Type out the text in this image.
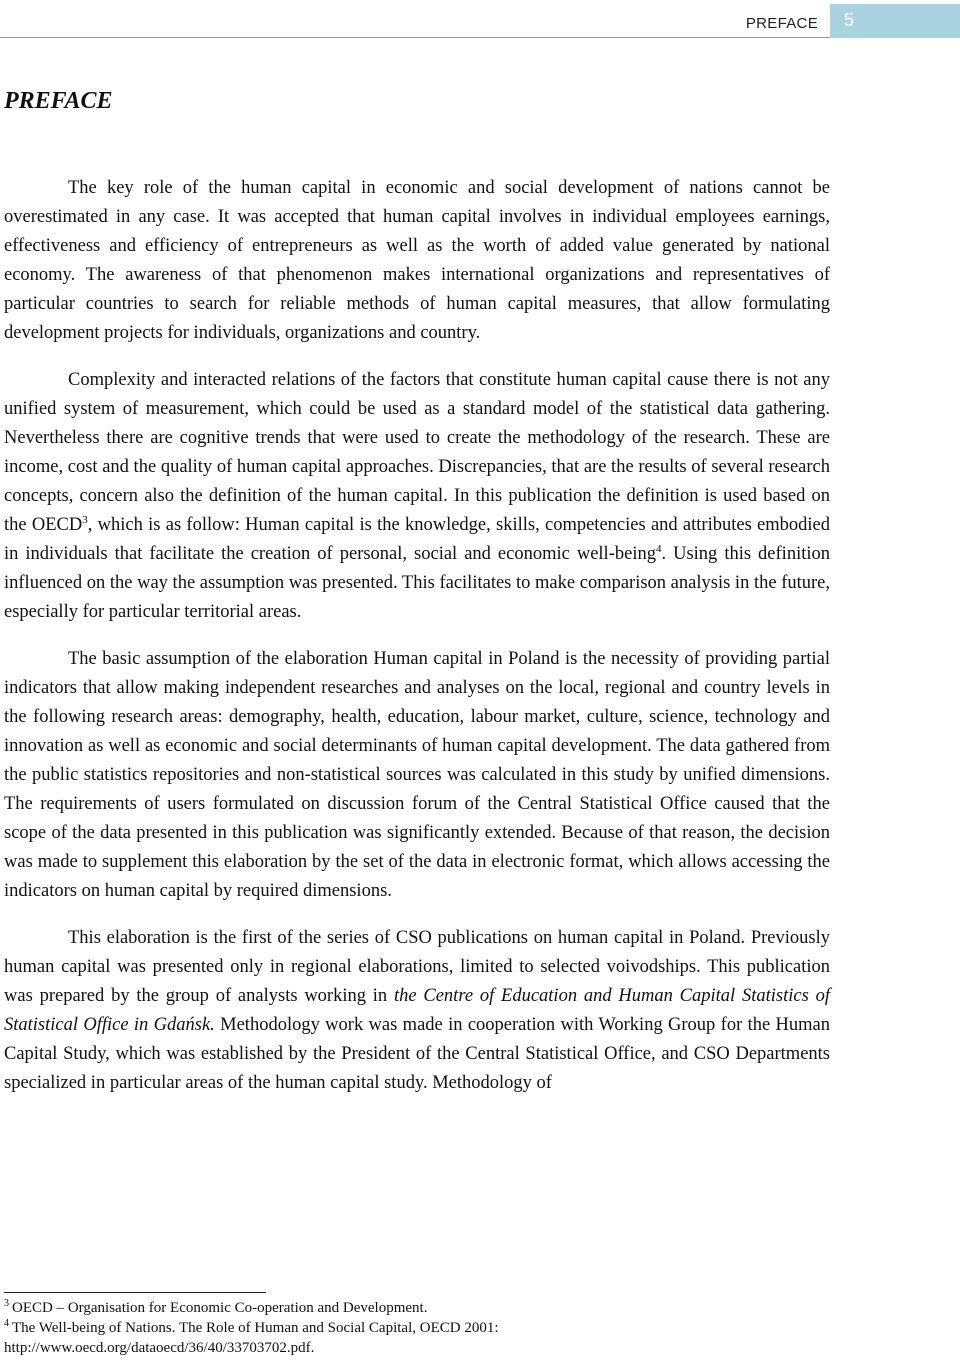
PREFACE 5
PREFACE

The key role of the human capital in economic and social development of nations cannot be overestimated in any case. It was accepted that human capital involves in individual employees earnings, effectiveness and efficiency of entrepreneurs as well as the worth of added value generated by national economy. The awareness of that phenomenon makes international organizations and representatives of particular countries to search for reliable methods of human capital measures, that allow formulating development projects for individuals, organizations and country.

Complexity and interacted relations of the factors that constitute human capital cause there is not any unified system of measurement, which could be used as a standard model of the statistical data gathering. Nevertheless there are cognitive trends that were used to create the methodology of the research. These are income, cost and the quality of human capital approaches. Discrepancies, that are the results of several research concepts, concern also the definition of the human capital. In this publication the definition is used based on the OECD$^3$, which is as follow: Human capital is the knowledge, skills, competencies and attributes embodied in individuals that facilitate the creation of personal, social and economic well-being$^4$. Using this definition influenced on the way the assumption was presented. This facilitates to make comparison analysis in the future, especially for particular territorial areas.

The basic assumption of the elaboration Human capital in Poland is the necessity of providing partial indicators that allow making independent researches and analyses on the local, regional and country levels in the following research areas: demography, health, education, labour market, culture, science, technology and innovation as well as economic and social determinants of human capital development. The data gathered from the public statistics repositories and non-statistical sources was calculated in this study by unified dimensions. The requirements of users formulated on discussion forum of the Central Statistical Office caused that the scope of the data presented in this publication was significantly extended. Because of that reason, the decision was made to supplement this elaboration by the set of the data in electronic format, which allows accessing the indicators on human capital by required dimensions.

This elaboration is the first of the series of CSO publications on human capital in Poland. Previously human capital was presented only in regional elaborations, limited to selected voivodships. This publication was prepared by the group of analysts working in the Centre of Education and Human Capital Statistics of Statistical Office in Gdańsk. Methodology work was made in cooperation with Working Group for the Human Capital Study, which was established by the President of the Central Statistical Office, and CSO Departments specialized in particular areas of the human capital study. Methodology of

$^3$ OECD – Organisation for Economic Co-operation and Development.

$^4$ The Well-being of Nations. The Role of Human and Social Capital, OECD 2001:

http://www.oecd.org/dataoecd/36/40/33703702.pdf.
